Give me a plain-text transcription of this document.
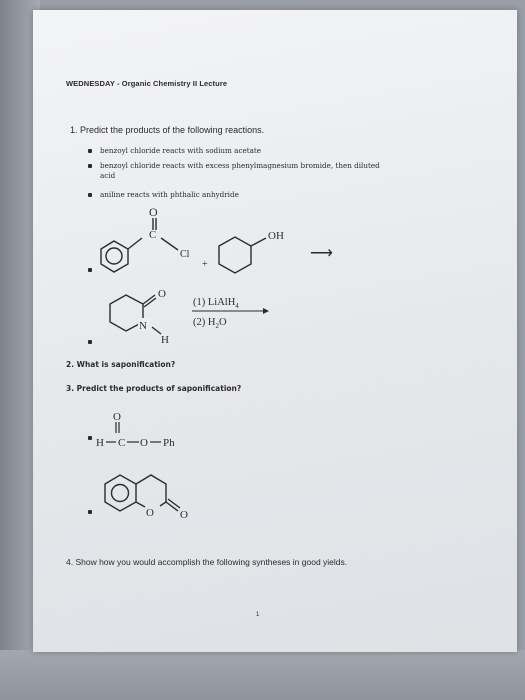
WEDNESDAY - Organic Chemistry II Lecture
1. Predict the products of the following reactions.
benzoyl chloride reacts with sodium acetate
benzoyl chloride reacts with excess phenylmagnesium bromide, then diluted
acid
aniline reacts with phthalic anhydride
O
C
Cl
+
OH
⟶
O
N
H
(1) LiAlH$_4$
(2) $H_2O$
O
H C O Ph
O O
2. What is saponification?
3. Predict the products of saponification?
4. Show how you would accomplish the following syntheses in good yields.
1
